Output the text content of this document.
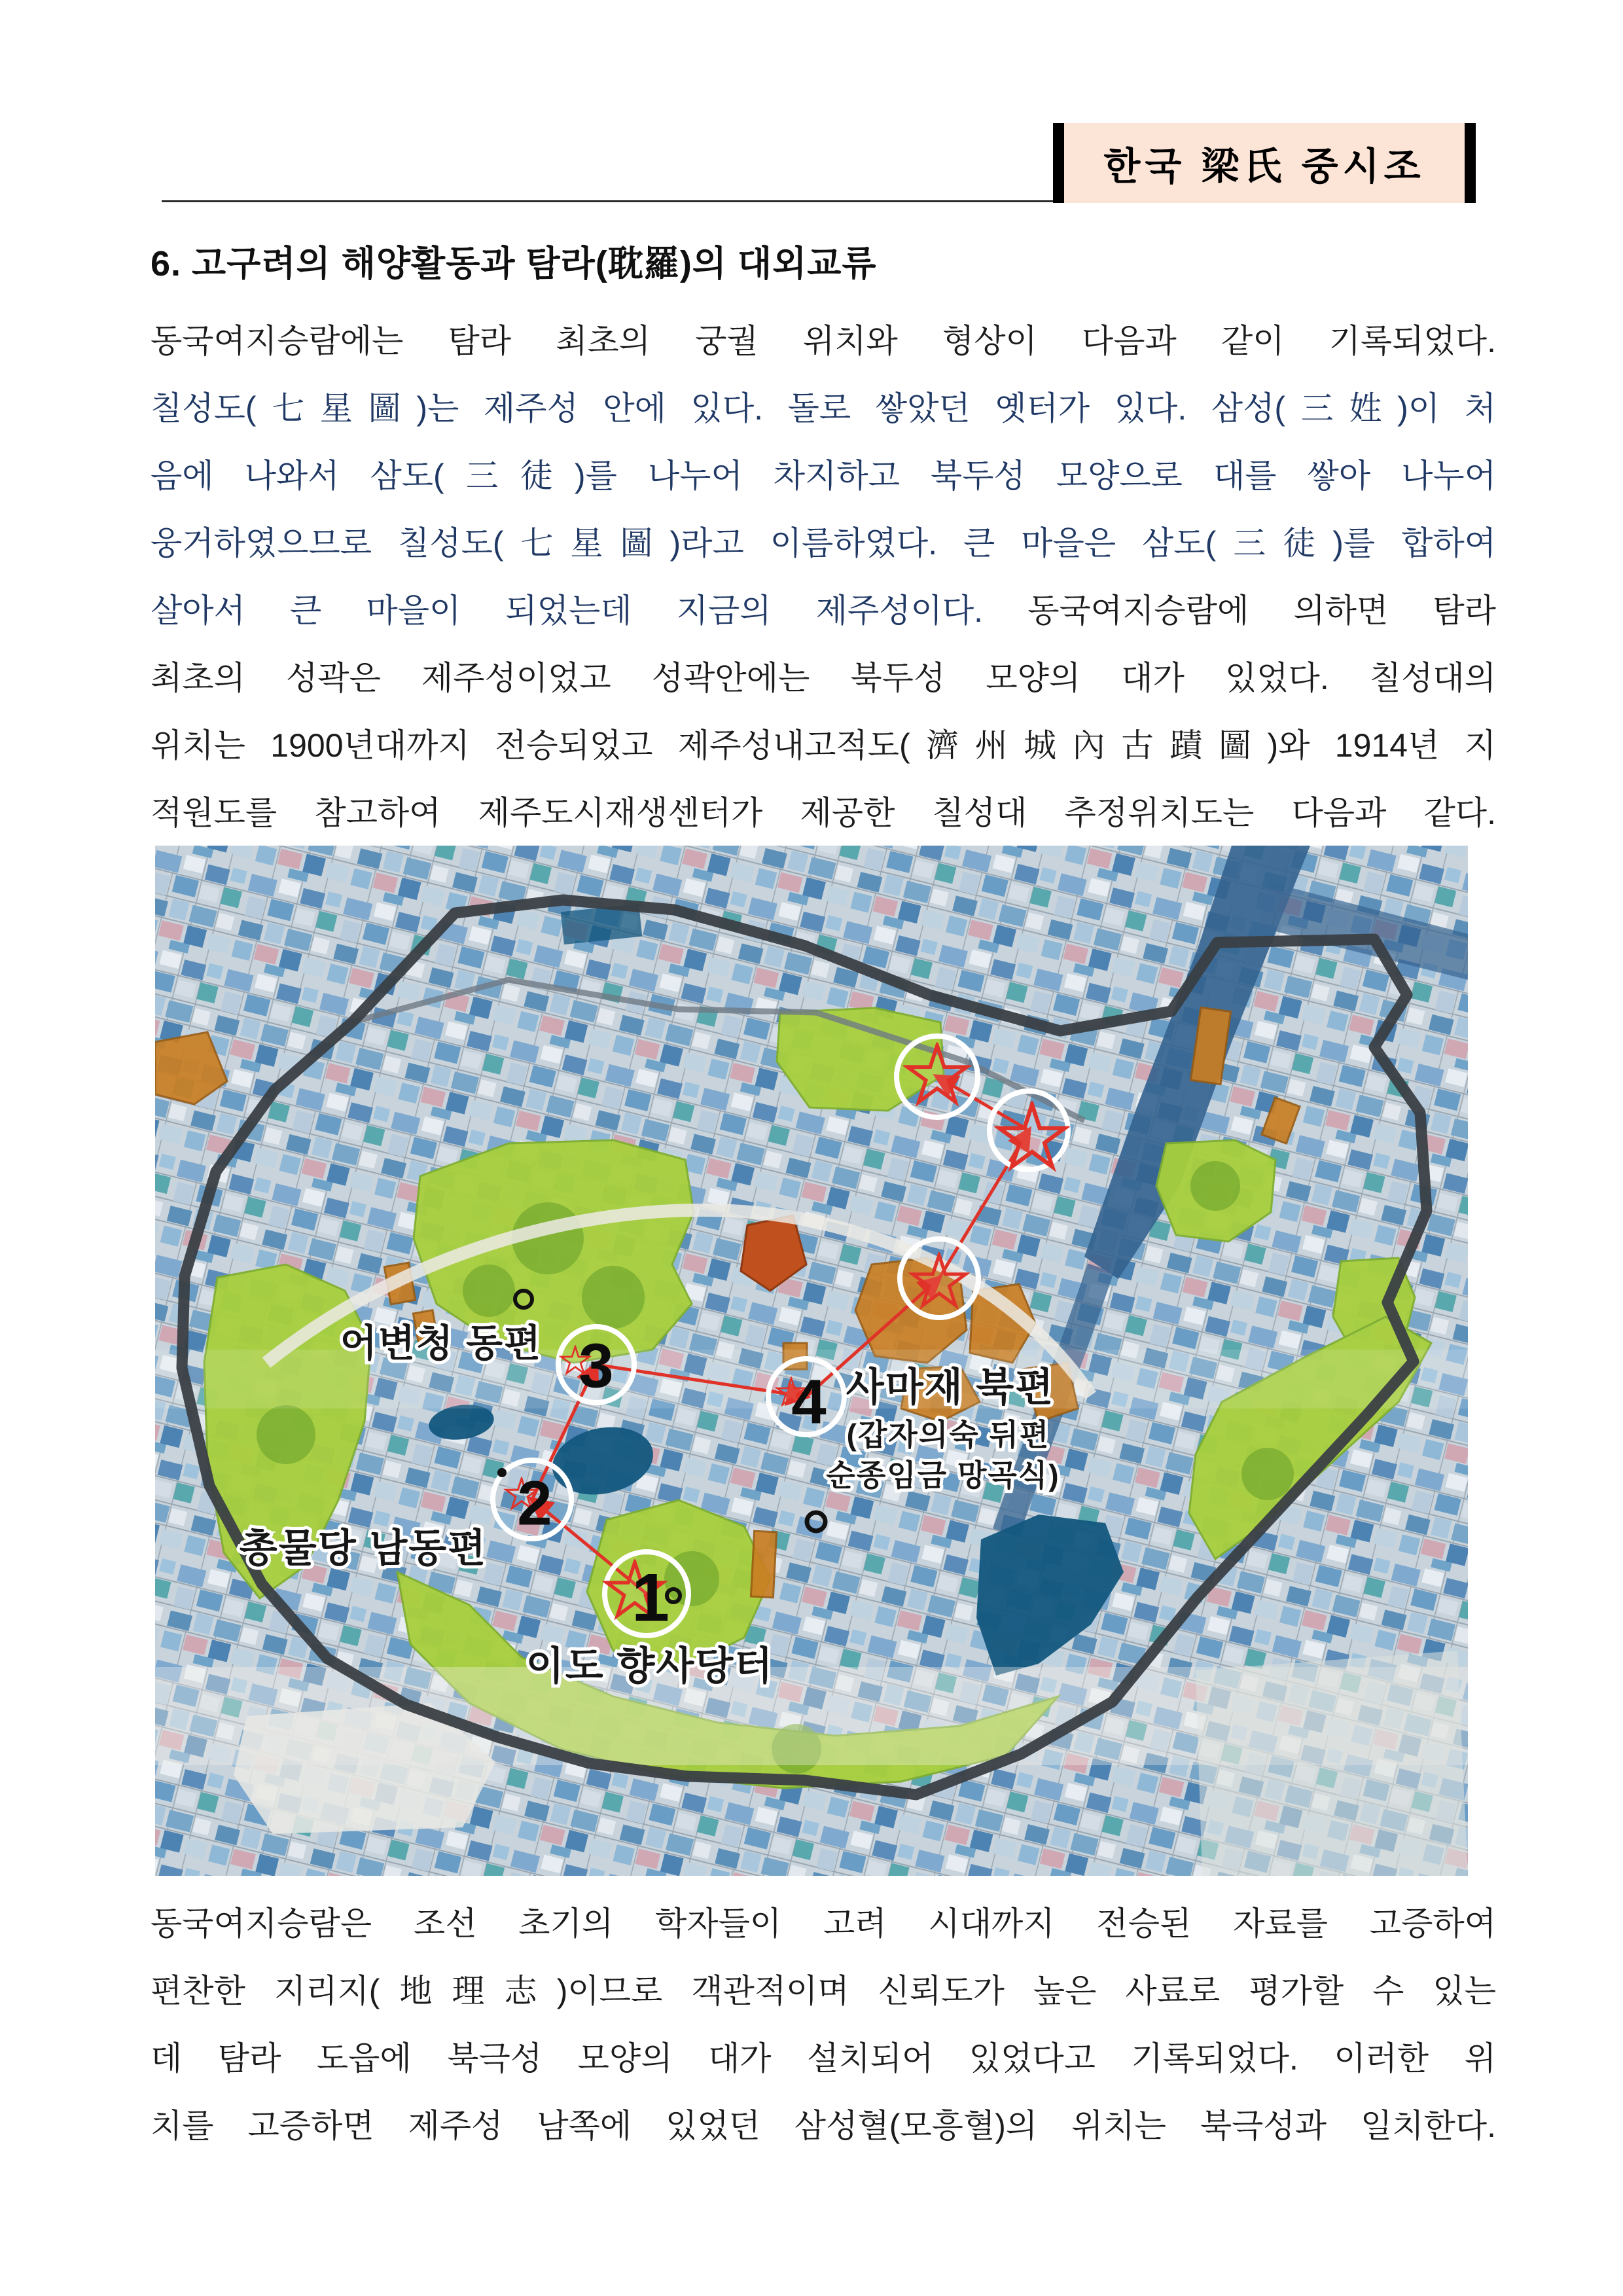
한국 梁氏 중시조
6. 고구려의 해양활동과 탐라(耽羅)의 대외교류
동국여지승람에는 탐라 최초의 궁궐 위치와 형상이 다음과 같이 기록되었다.
칠성도(七星圖)는 제주성 안에 있다. 돌로 쌓았던 옛터가 있다. 삼성(三姓)이 처
음에 나와서 삼도(三徒)를 나누어 차지하고 북두성 모양으로 대를 쌓아 나누어
웅거하였으므로 칠성도(七星圖)라고 이름하였다. 큰 마을은 삼도(三徒)를 합하여
살아서 큰 마을이 되었는데 지금의 제주성이다. 동국여지승람에 의하면 탐라
최초의 성곽은 제주성이었고 성곽안에는 북두성 모양의 대가 있었다. 칠성대의
위치는 1900년대까지 전승되었고 제주성내고적도(濟州城內古蹟圖)와 1914년 지
적원도를 참고하여 제주도시재생센터가 제공한 칠성대 추정위치도는 다음과 같다.
3
4
2
1
어변청 동편
사마재 북편
(갑자의숙 뒤편
순종임금 망곡식)
총물당 남동편
이도 향사당터
동국여지승람은 조선 초기의 학자들이 고려 시대까지 전승된 자료를 고증하여
편찬한 지리지(地理志)이므로 객관적이며 신뢰도가 높은 사료로 평가할 수 있는
데 탐라 도읍에 북극성 모양의 대가 설치되어 있었다고 기록되었다. 이러한 위
치를 고증하면 제주성 남쪽에 있었던 삼성혈(모흥혈)의 위치는 북극성과 일치한다.
